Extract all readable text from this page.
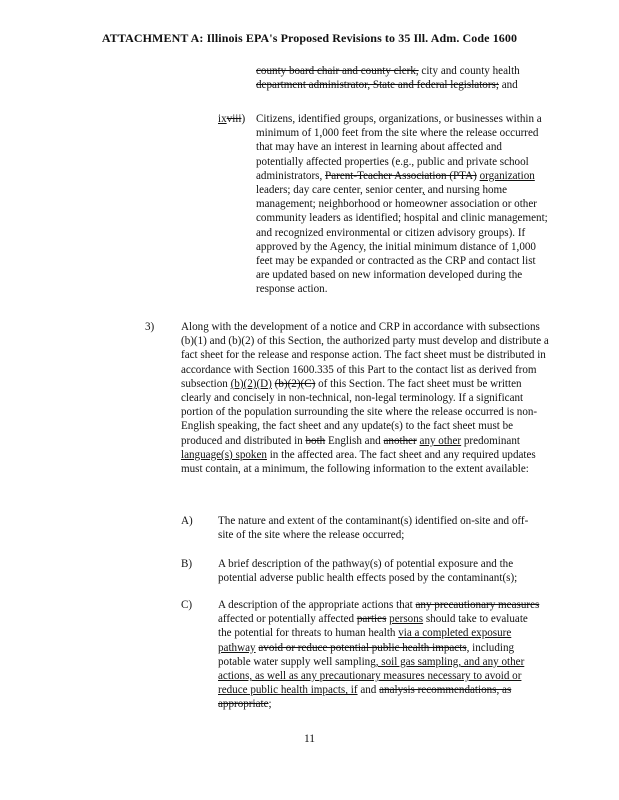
ATTACHMENT A: Illinois EPA's Proposed Revisions to 35 Ill. Adm. Code 1600
county board chair and county clerk, city and county health department administrator, State and federal legislators; and
ixviii) Citizens, identified groups, organizations, or businesses within a minimum of 1,000 feet from the site where the release occurred that may have an interest in learning about affected and potentially affected properties (e.g., public and private school administrators, Parent-Teacher Association (PTA) organization leaders; day care center, senior center, and nursing home management; neighborhood or homeowner association or other community leaders as identified; hospital and clinic management; and recognized environmental or citizen advisory groups). If approved by the Agency, the initial minimum distance of 1,000 feet may be expanded or contracted as the CRP and contact list are updated based on new information developed during the response action.
3) Along with the development of a notice and CRP in accordance with subsections (b)(1) and (b)(2) of this Section, the authorized party must develop and distribute a fact sheet for the release and response action. The fact sheet must be distributed in accordance with Section 1600.335 of this Part to the contact list as derived from subsection (b)(2)(D) (b)(2)(C) of this Section. The fact sheet must be written clearly and concisely in non-technical, non-legal terminology. If a significant portion of the population surrounding the site where the release occurred is non-English speaking, the fact sheet and any update(s) to the fact sheet must be produced and distributed in both English and another any other predominant language(s) spoken in the affected area. The fact sheet and any required updates must contain, at a minimum, the following information to the extent available:
A) The nature and extent of the contaminant(s) identified on-site and off-site of the site where the release occurred;
B) A brief description of the pathway(s) of potential exposure and the potential adverse public health effects posed by the contaminant(s);
C) A description of the appropriate actions that any precautionary measures affected or potentially affected parties persons should take to evaluate the potential for threats to human health via a completed exposure pathway avoid or reduce potential public health impacts, including potable water supply well sampling, soil gas sampling, and any other actions, as well as any precautionary measures necessary to avoid or reduce public health impacts, if and analysis recommendations, as appropriate;
11
